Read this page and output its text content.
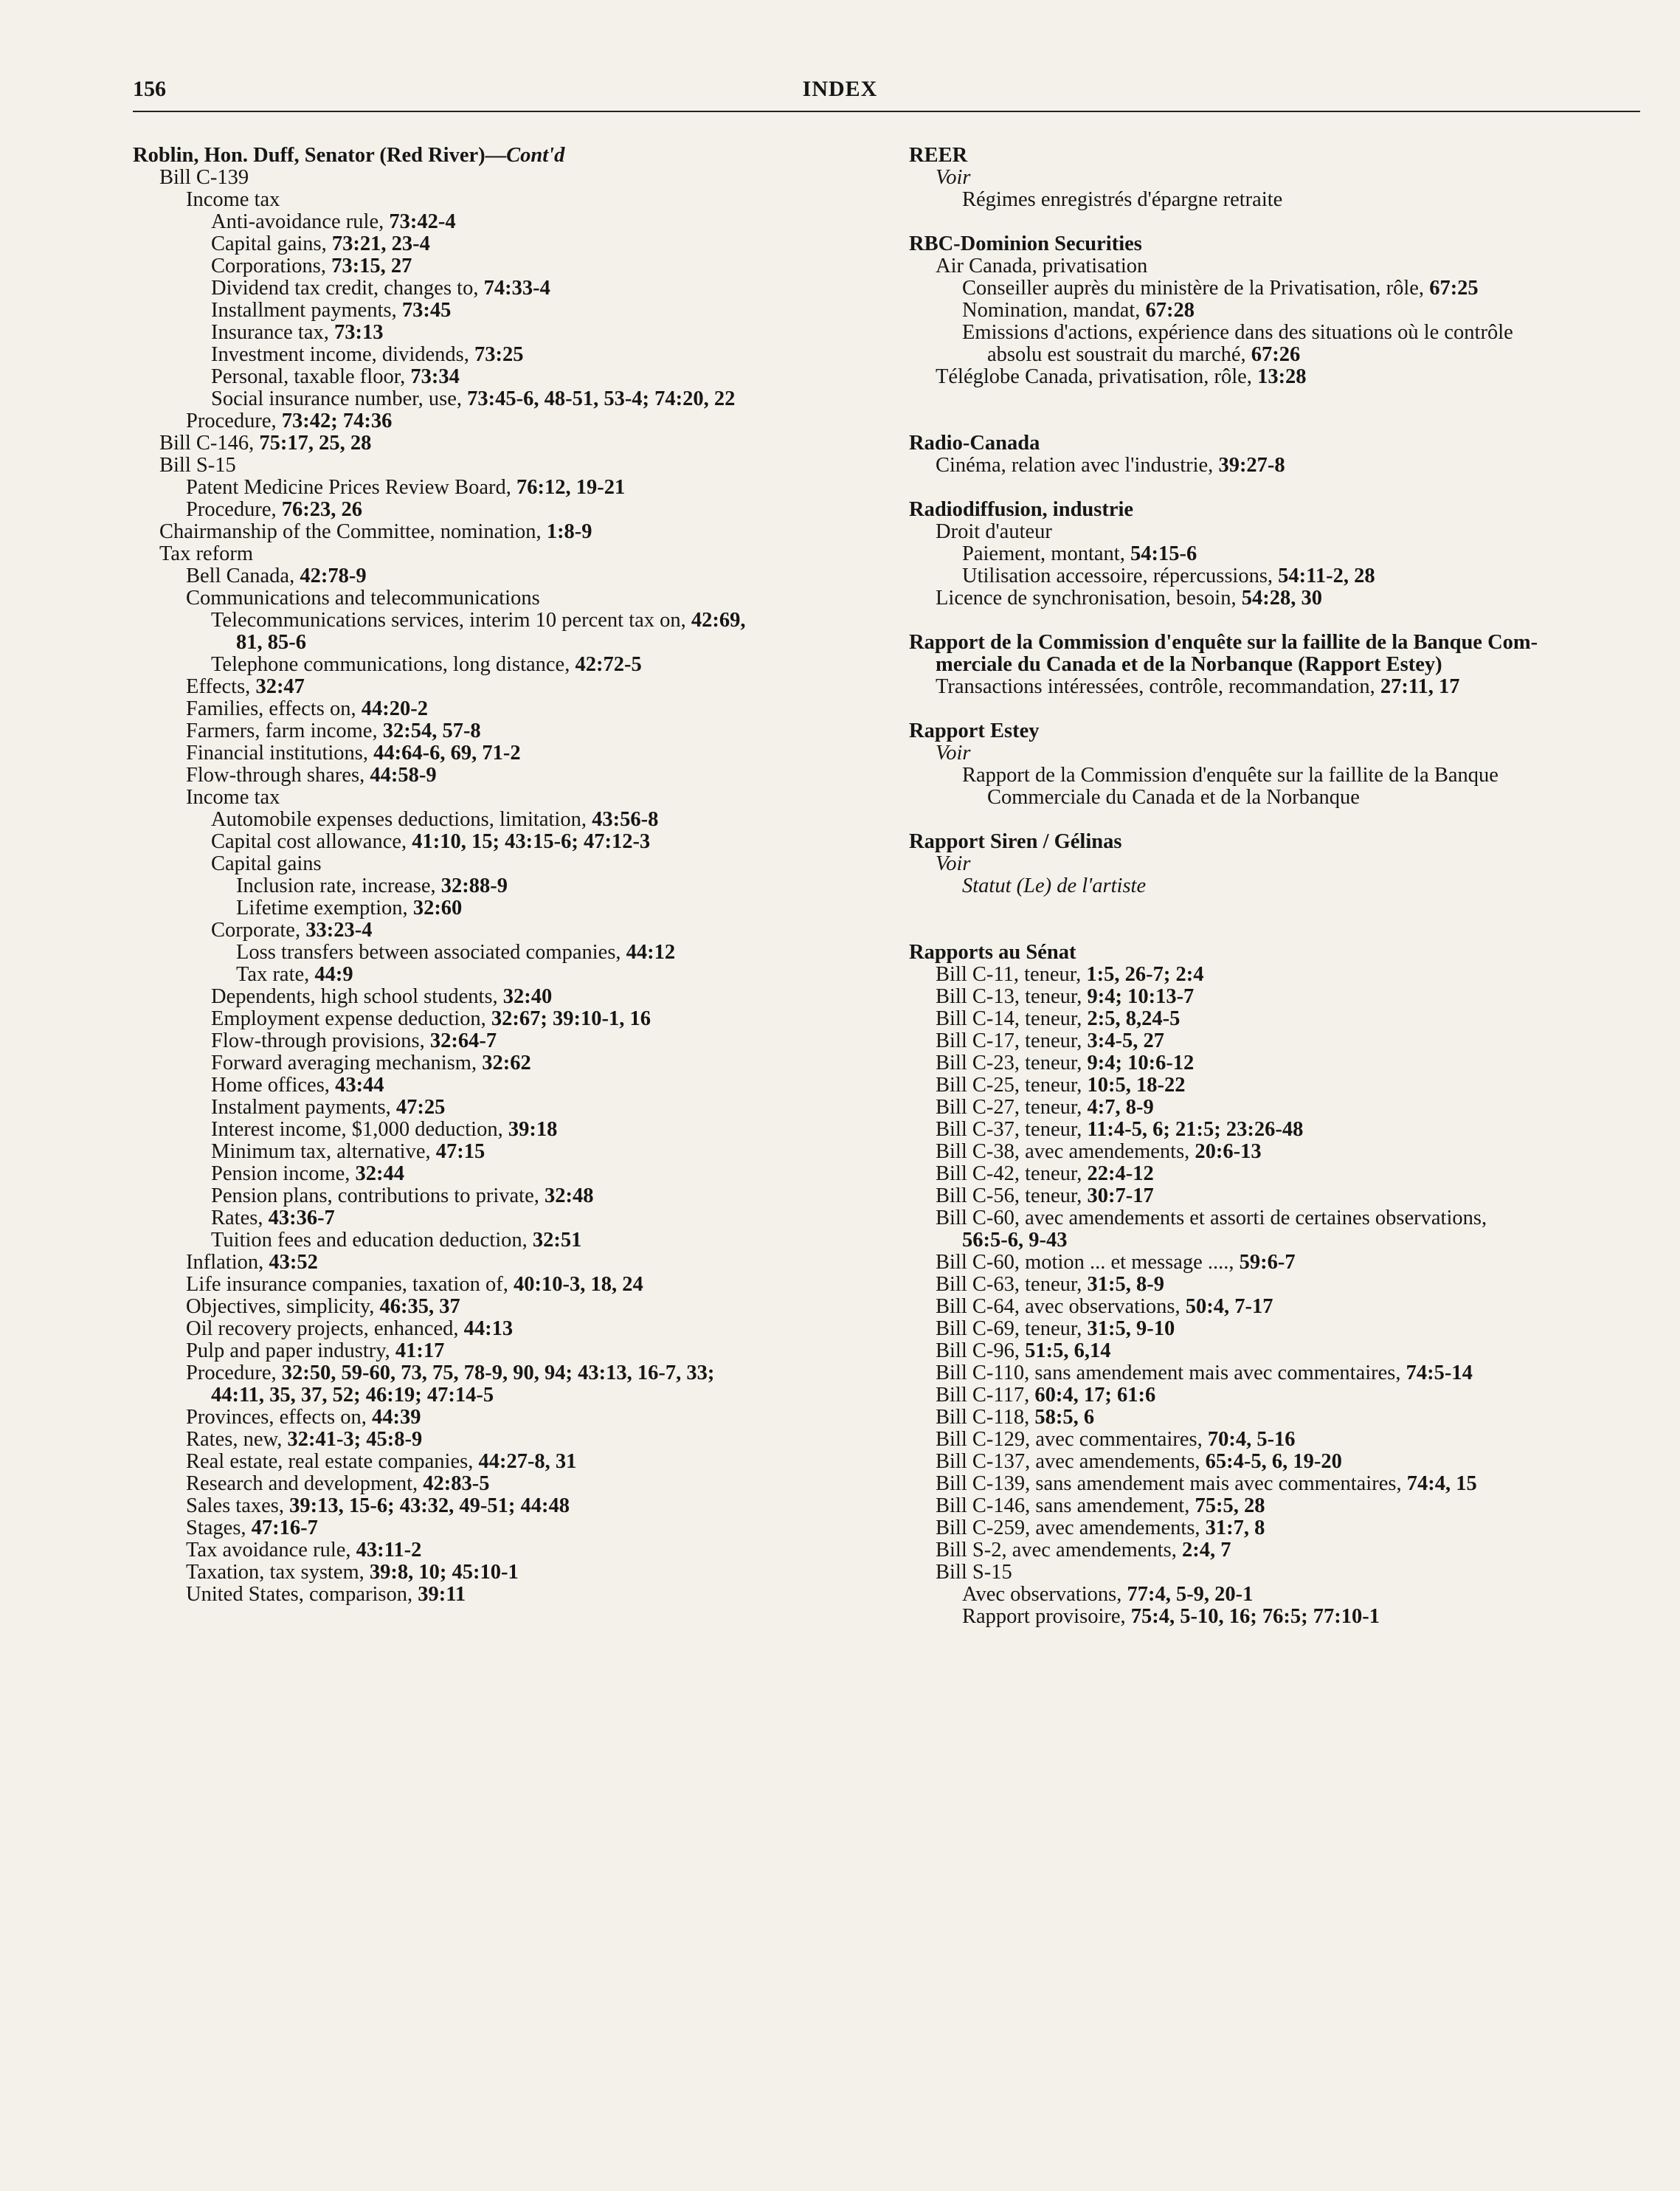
156	INDEX
Roblin, Hon. Duff, Senator (Red River)—Cont'd
Bill C-139
Income tax
Anti-avoidance rule, 73:42-4
Capital gains, 73:21, 23-4
Corporations, 73:15, 27
Dividend tax credit, changes to, 74:33-4
Installment payments, 73:45
Insurance tax, 73:13
Investment income, dividends, 73:25
Personal, taxable floor, 73:34
Social insurance number, use, 73:45-6, 48-51, 53-4; 74:20, 22
Procedure, 73:42; 74:36
Bill C-146, 75:17, 25, 28
Bill S-15
Patent Medicine Prices Review Board, 76:12, 19-21
Procedure, 76:23, 26
Chairmanship of the Committee, nomination, 1:8-9
Tax reform
Bell Canada, 42:78-9
Communications and telecommunications
Telecommunications services, interim 10 percent tax on, 42:69,
81, 85-6
Telephone communications, long distance, 42:72-5
Effects, 32:47
Families, effects on, 44:20-2
Farmers, farm income, 32:54, 57-8
Financial institutions, 44:64-6, 69, 71-2
Flow-through shares, 44:58-9
Income tax
Automobile expenses deductions, limitation, 43:56-8
Capital cost allowance, 41:10, 15; 43:15-6; 47:12-3
Capital gains
Inclusion rate, increase, 32:88-9
Lifetime exemption, 32:60
Corporate, 33:23-4
Loss transfers between associated companies, 44:12
Tax rate, 44:9
Dependents, high school students, 32:40
Employment expense deduction, 32:67; 39:10-1, 16
Flow-through provisions, 32:64-7
Forward averaging mechanism, 32:62
Home offices, 43:44
Instalment payments, 47:25
Interest income, $1,000 deduction, 39:18
Minimum tax, alternative, 47:15
Pension income, 32:44
Pension plans, contributions to private, 32:48
Rates, 43:36-7
Tuition fees and education deduction, 32:51
Inflation, 43:52
Life insurance companies, taxation of, 40:10-3, 18, 24
Objectives, simplicity, 46:35, 37
Oil recovery projects, enhanced, 44:13
Pulp and paper industry, 41:17
Procedure, 32:50, 59-60, 73, 75, 78-9, 90, 94; 43:13, 16-7, 33;
44:11, 35, 37, 52; 46:19; 47:14-5
Provinces, effects on, 44:39
Rates, new, 32:41-3; 45:8-9
Real estate, real estate companies, 44:27-8, 31
Research and development, 42:83-5
Sales taxes, 39:13, 15-6; 43:32, 49-51; 44:48
Stages, 47:16-7
Tax avoidance rule, 43:11-2
Taxation, tax system, 39:8, 10; 45:10-1
United States, comparison, 39:11
REER
Voir
Régimes enregistrés d'épargne retraite
RBC-Dominion Securities
Air Canada, privatisation
Conseiller auprès du ministère de la Privatisation, rôle, 67:25
Nomination, mandat, 67:28
Emissions d'actions, expérience dans des situations où le contrôle
absolu est soustrait du marché, 67:26
Téléglobe Canada, privatisation, rôle, 13:28
Radio-Canada
Cinéma, relation avec l'industrie, 39:27-8
Radiodiffusion, industrie
Droit d'auteur
Paiement, montant, 54:15-6
Utilisation accessoire, répercussions, 54:11-2, 28
Licence de synchronisation, besoin, 54:28, 30
Rapport de la Commission d'enquête sur la faillite de la Banque Com-
merciale du Canada et de la Norbanque (Rapport Estey)
Transactions intéressées, contrôle, recommandation, 27:11, 17
Rapport Estey
Voir
Rapport de la Commission d'enquête sur la faillite de la Banque
Commerciale du Canada et de la Norbanque
Rapport Siren / Gélinas
Voir
Statut (Le) de l'artiste
Rapports au Sénat
Bill C-11, teneur, 1:5, 26-7; 2:4
Bill C-13, teneur, 9:4; 10:13-7
Bill C-14, teneur, 2:5, 8,24-5
Bill C-17, teneur, 3:4-5, 27
Bill C-23, teneur, 9:4; 10:6-12
Bill C-25, teneur, 10:5, 18-22
Bill C-27, teneur, 4:7, 8-9
Bill C-37, teneur, 11:4-5, 6; 21:5; 23:26-48
Bill C-38, avec amendements, 20:6-13
Bill C-42, teneur, 22:4-12
Bill C-56, teneur, 30:7-17
Bill C-60, avec amendements et assorti de certaines observations,
56:5-6, 9-43
Bill C-60, motion ... et message ...., 59:6-7
Bill C-63, teneur, 31:5, 8-9
Bill C-64, avec observations, 50:4, 7-17
Bill C-69, teneur, 31:5, 9-10
Bill C-96, 51:5, 6,14
Bill C-110, sans amendement mais avec commentaires, 74:5-14
Bill C-117, 60:4, 17; 61:6
Bill C-118, 58:5, 6
Bill C-129, avec commentaires, 70:4, 5-16
Bill C-137, avec amendements, 65:4-5, 6, 19-20
Bill C-139, sans amendement mais avec commentaires, 74:4, 15
Bill C-146, sans amendement, 75:5, 28
Bill C-259, avec amendements, 31:7, 8
Bill S-2, avec amendements, 2:4, 7
Bill S-15
Avec observations, 77:4, 5-9, 20-1
Rapport provisoire, 75:4, 5-10, 16; 76:5; 77:10-1
